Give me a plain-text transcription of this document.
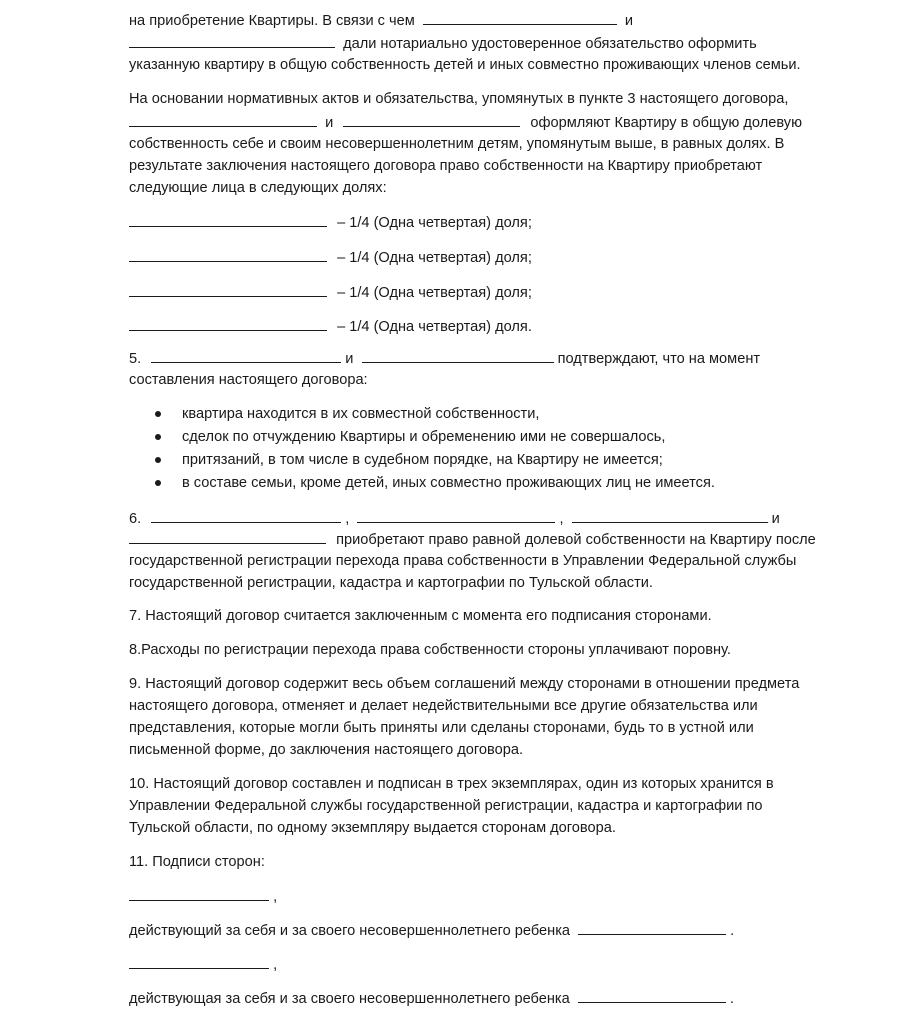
на приобретение Квартиры. В связи с чем	и
дали нотариально удостоверенное обязательство оформить
указанную квартиру в общую собственность детей и иных совместно проживающих членов семьи.
На основании нормативных актов и обязательства, упомянутых в пункте 3 настоящего договора,
и	оформляют Квартиру в общую долевую
собственность себе и своим несовершеннолетним детям, упомянутым выше, в равных долях. В
результате заключения настоящего договора право собственности на Квартиру приобретают
следующие лица в следующих долях:
– 1/4 (Одна четвертая) доля;
– 1/4 (Одна четвертая) доля;
– 1/4 (Одна четвертая) доля;
– 1/4 (Одна четвертая) доля.
5.	и	подтверждают, что на момент
составления настоящего договора:
квартира находится в их совместной собственности,
сделок по отчуждению Квартиры и обременению ими не совершалось,
притязаний, в том числе в судебном порядке, на Квартиру не имеется;
в составе семьи, кроме детей, иных совместно проживающих лиц не имеется.
6.	,	,	и
приобретают право равной долевой собственности на Квартиру после
государственной регистрации перехода права собственности в Управлении Федеральной службы
государственной регистрации, кадастра и картографии по Тульской области.
7. Настоящий договор считается заключенным с момента его подписания сторонами.
8.Расходы по регистрации перехода права собственности стороны уплачивают поровну.
9. Настоящий договор содержит весь объем соглашений между сторонами в отношении предмета
настоящего договора, отменяет и делает недействительными все другие обязательства или
представления, которые могли быть приняты или сделаны сторонами, будь то в устной или
письменной форме, до заключения настоящего договора.
10. Настоящий договор составлен и подписан в трех экземплярах, один из которых хранится в
Управлении Федеральной службы государственной регистрации, кадастра и картографии по
Тульской области, по одному экземпляру выдается сторонам договора.
11. Подписи сторон:
,
действующий за себя и за своего несовершеннолетнего ребенка	.
,
действующая за себя и за своего несовершеннолетнего ребенка	.
